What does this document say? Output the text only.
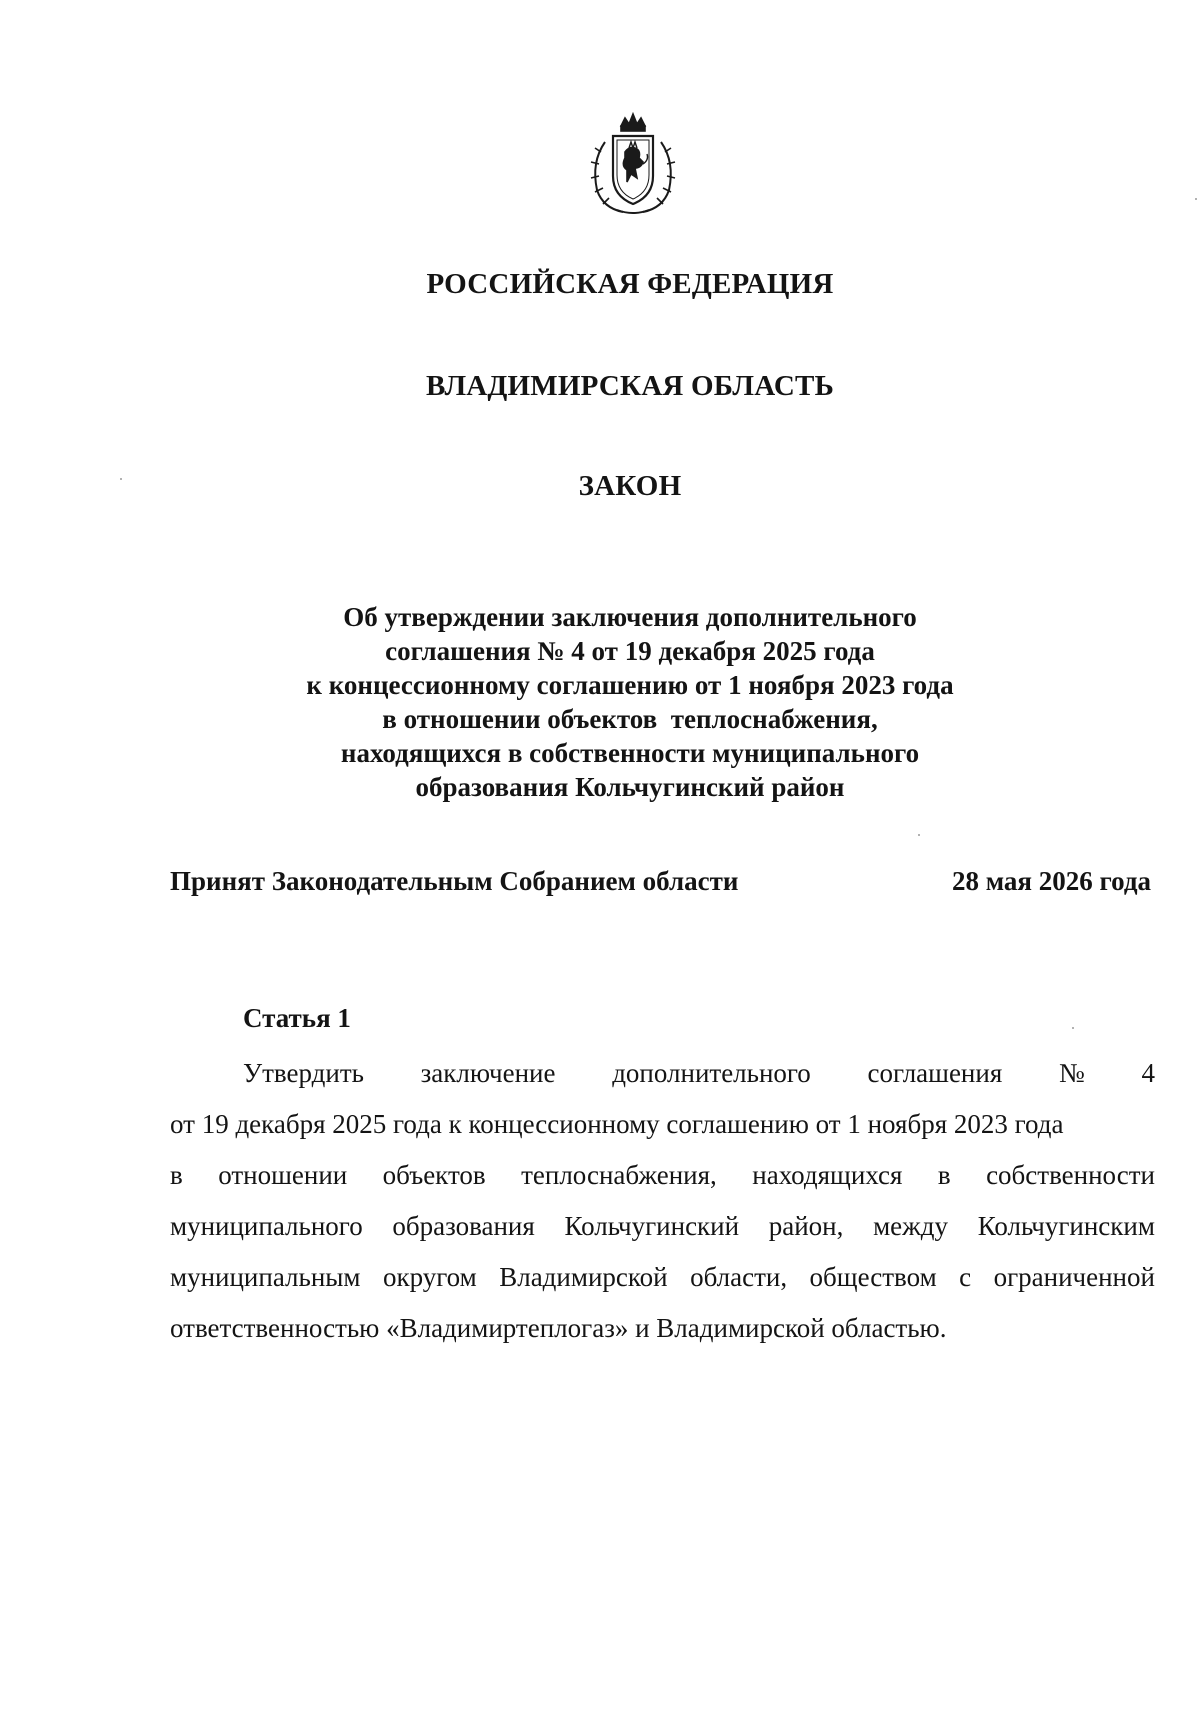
РОССИЙСКАЯ ФЕДЕРАЦИЯ
ВЛАДИМИРСКАЯ ОБЛАСТЬ
ЗАКОН
Об утверждении заключения дополнительного
соглашения № 4 от 19 декабря 2025 года
к концессионному соглашению от 1 ноября 2023 года
в отношении объектов  теплоснабжения,
находящихся в собственности муниципального
образования Кольчугинский район
Принят Законодательным Собранием области	28 мая 2026 года
Статья 1
Утвердить заключение дополнительного соглашения № 4
от 19 декабря 2025 года к концессионному соглашению от 1 ноября 2023 года
в отношении объектов теплоснабжения, находящихся в собственности
муниципального образования Кольчугинский район, между Кольчугинским
муниципальным округом Владимирской области, обществом с ограниченной
ответственностью «Владимиртеплогаз» и Владимирской областью.
